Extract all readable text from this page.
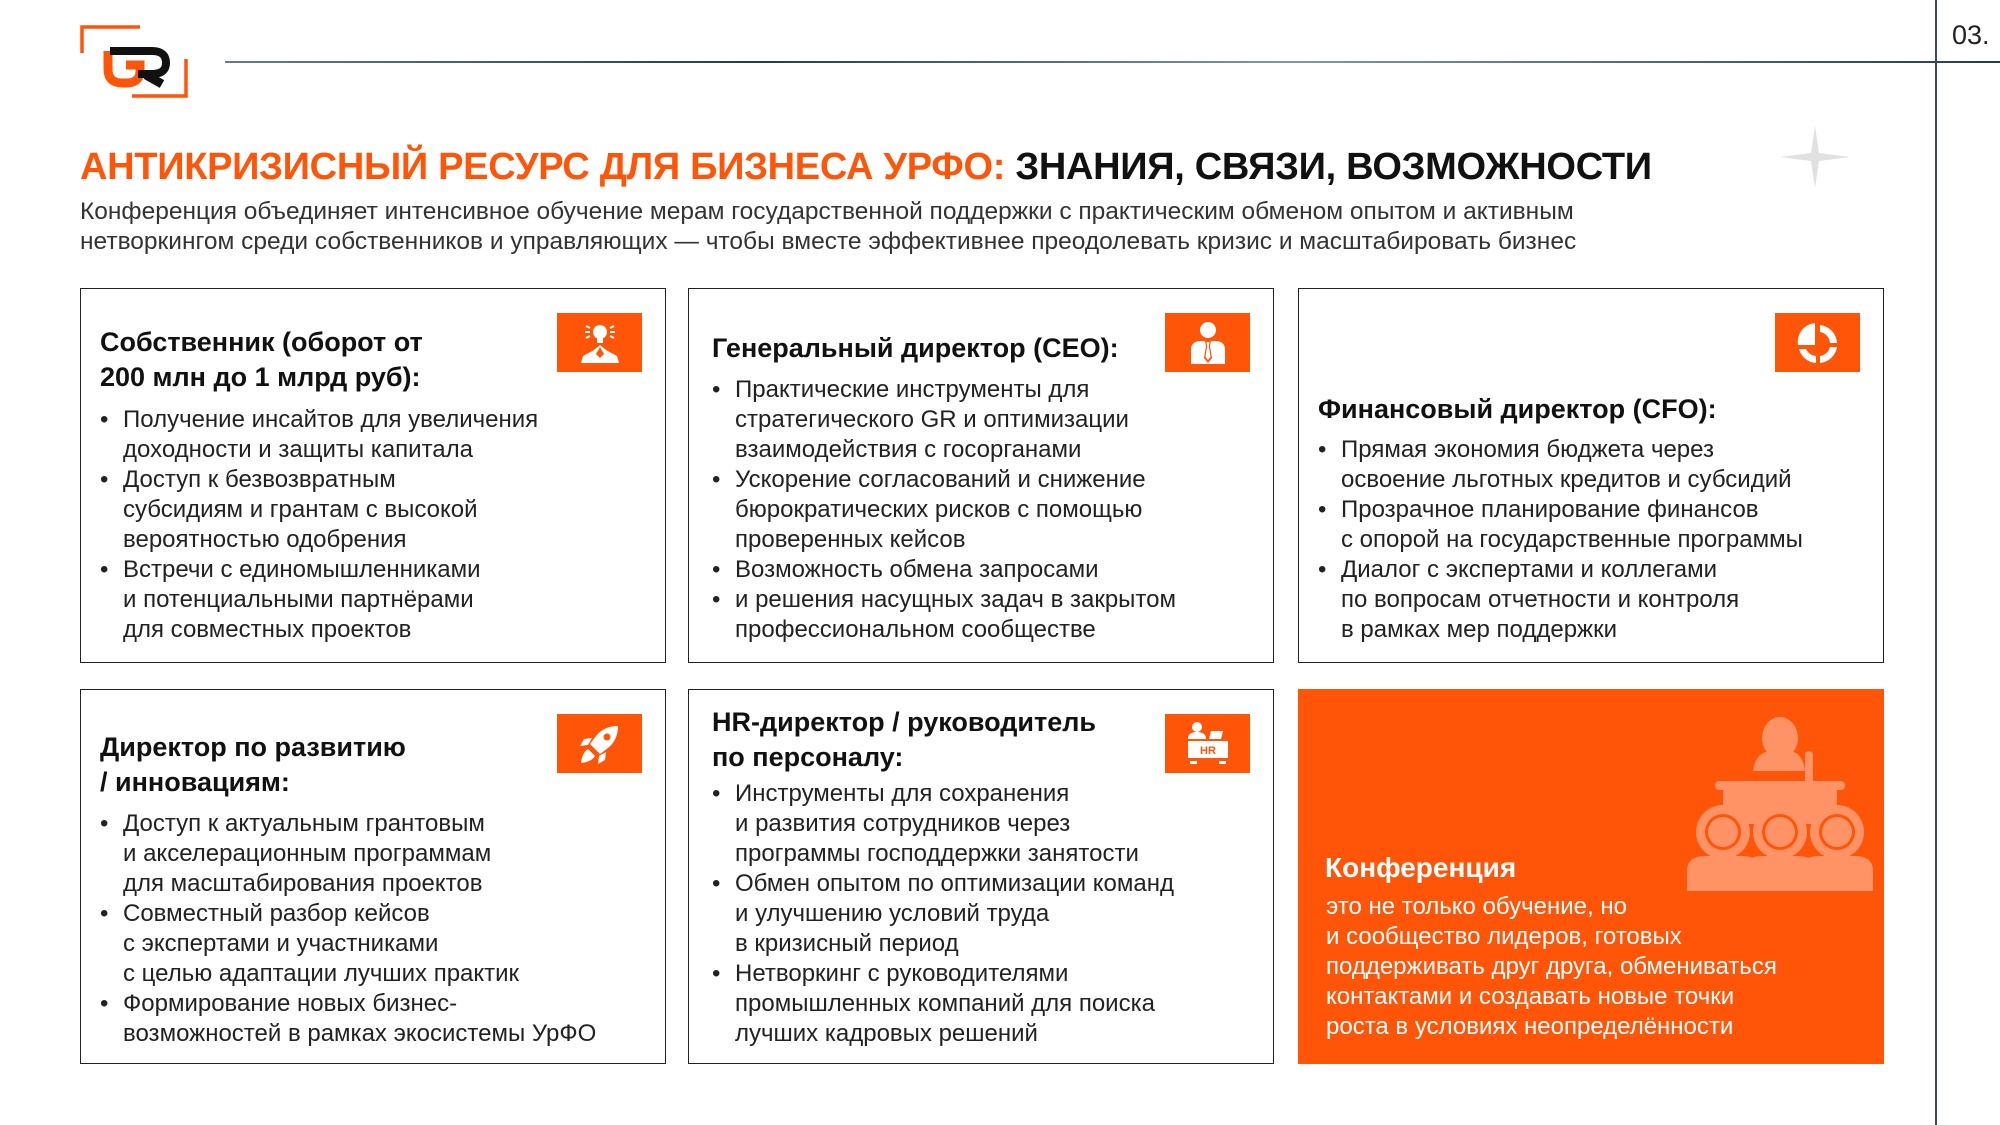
03.
АНТИКРИЗИСНЫЙ РЕСУРС ДЛЯ БИЗНЕСА УРФО: ЗНАНИЯ, СВЯЗИ, ВОЗМОЖНОСТИ
Конференция объединяет интенсивное обучение мерам государственной поддержки с практическим обменом опытом и активным
нетворкингом среди собственников и управляющих — чтобы вместе эффективнее преодолевать кризис и масштабировать бизнес
Собственник (оборот от
200 млн до 1 млрд руб):
• Получение инсайтов для увеличения
доходности и защиты капитала
• Доступ к безвозвратным
субсидиям и грантам с высокой
вероятностью одобрения
• Встречи с единомышленниками
и потенциальными партнёрами
для совместных проектов
Генеральный директор (CEO):
• Практические инструменты для
стратегического GR и оптимизации
взаимодействия с госорганами
• Ускорение согласований и снижение
бюрократических рисков с помощью
проверенных кейсов
• Возможность обмена запросами
• и решения насущных задач в закрытом
профессиональном сообществе
Финансовый директор (CFO):
• Прямая экономия бюджета через
освоение льготных кредитов и субсидий
• Прозрачное планирование финансов
с опорой на государственные программы
• Диалог с экспертами и коллегами
по вопросам отчетности и контроля
в рамках мер поддержки
Директор по развитию
/ инновациям:
• Доступ к актуальным грантовым
и акселерационным программам
для масштабирования проектов
• Совместный разбор кейсов
с экспертами и участниками
с целью адаптации лучших практик
• Формирование новых бизнес-
возможностей в рамках экосистемы УрФО
HR
HR-директор / руководитель
по персоналу:
• Инструменты для сохранения
и развития сотрудников через
программы господдержки занятости
• Обмен опытом по оптимизации команд
и улучшению условий труда
в кризисный период
• Нетворкинг с руководителями
промышленных компаний для поиска
лучших кадровых решений
Конференция

это не только обучение, но
и сообщество лидеров, готовых
поддерживать друг друга, обмениваться
контактами и создавать новые точки
роста в условиях неопределённости
